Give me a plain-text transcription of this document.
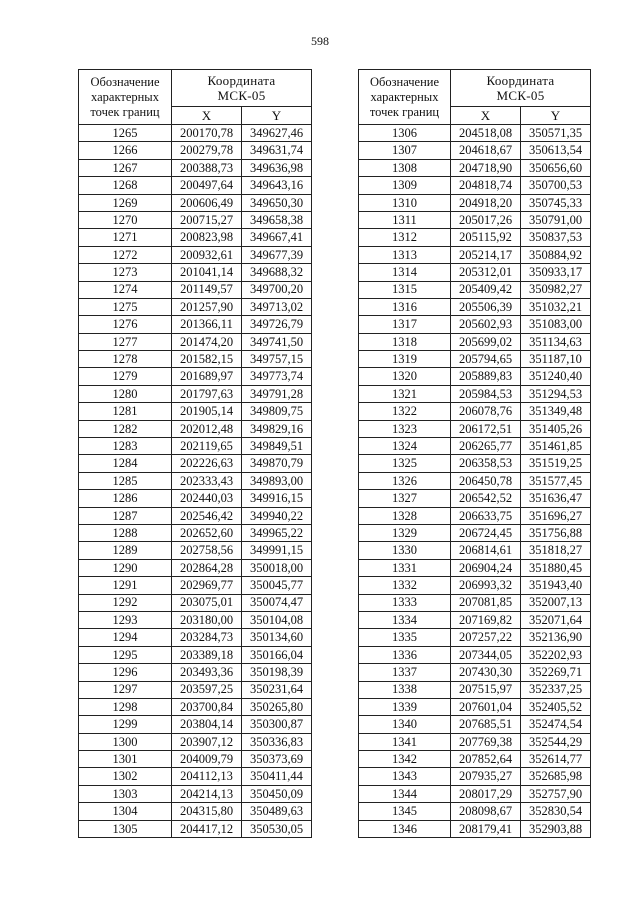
598
Обозначение
характерных
точек границ	Координата
МСК-05	
	X	Y
1265	200170,78	349627,46
1266	200279,78	349631,74
1267	200388,73	349636,98
1268	200497,64	349643,16
1269	200606,49	349650,30
1270	200715,27	349658,38
1271	200823,98	349667,41
1272	200932,61	349677,39
1273	201041,14	349688,32
1274	201149,57	349700,20
1275	201257,90	349713,02
1276	201366,11	349726,79
1277	201474,20	349741,50
1278	201582,15	349757,15
1279	201689,97	349773,74
1280	201797,63	349791,28
1281	201905,14	349809,75
1282	202012,48	349829,16
1283	202119,65	349849,51
1284	202226,63	349870,79
1285	202333,43	349893,00
1286	202440,03	349916,15
1287	202546,42	349940,22
1288	202652,60	349965,22
1289	202758,56	349991,15
1290	202864,28	350018,00
1291	202969,77	350045,77
1292	203075,01	350074,47
1293	203180,00	350104,08
1294	203284,73	350134,60
1295	203389,18	350166,04
1296	203493,36	350198,39
1297	203597,25	350231,64
1298	203700,84	350265,80
1299	203804,14	350300,87
1300	203907,12	350336,83
1301	204009,79	350373,69
1302	204112,13	350411,44
1303	204214,13	350450,09
1304	204315,80	350489,63
1305	204417,12	350530,05
Обозначение
характерных
точек границ	Координата
МСК-05	
	X	Y
1306	204518,08	350571,35
1307	204618,67	350613,54
1308	204718,90	350656,60
1309	204818,74	350700,53
1310	204918,20	350745,33
1311	205017,26	350791,00
1312	205115,92	350837,53
1313	205214,17	350884,92
1314	205312,01	350933,17
1315	205409,42	350982,27
1316	205506,39	351032,21
1317	205602,93	351083,00
1318	205699,02	351134,63
1319	205794,65	351187,10
1320	205889,83	351240,40
1321	205984,53	351294,53
1322	206078,76	351349,48
1323	206172,51	351405,26
1324	206265,77	351461,85
1325	206358,53	351519,25
1326	206450,78	351577,45
1327	206542,52	351636,47
1328	206633,75	351696,27
1329	206724,45	351756,88
1330	206814,61	351818,27
1331	206904,24	351880,45
1332	206993,32	351943,40
1333	207081,85	352007,13
1334	207169,82	352071,64
1335	207257,22	352136,90
1336	207344,05	352202,93
1337	207430,30	352269,71
1338	207515,97	352337,25
1339	207601,04	352405,52
1340	207685,51	352474,54
1341	207769,38	352544,29
1342	207852,64	352614,77
1343	207935,27	352685,98
1344	208017,29	352757,90
1345	208098,67	352830,54
1346	208179,41	352903,88
